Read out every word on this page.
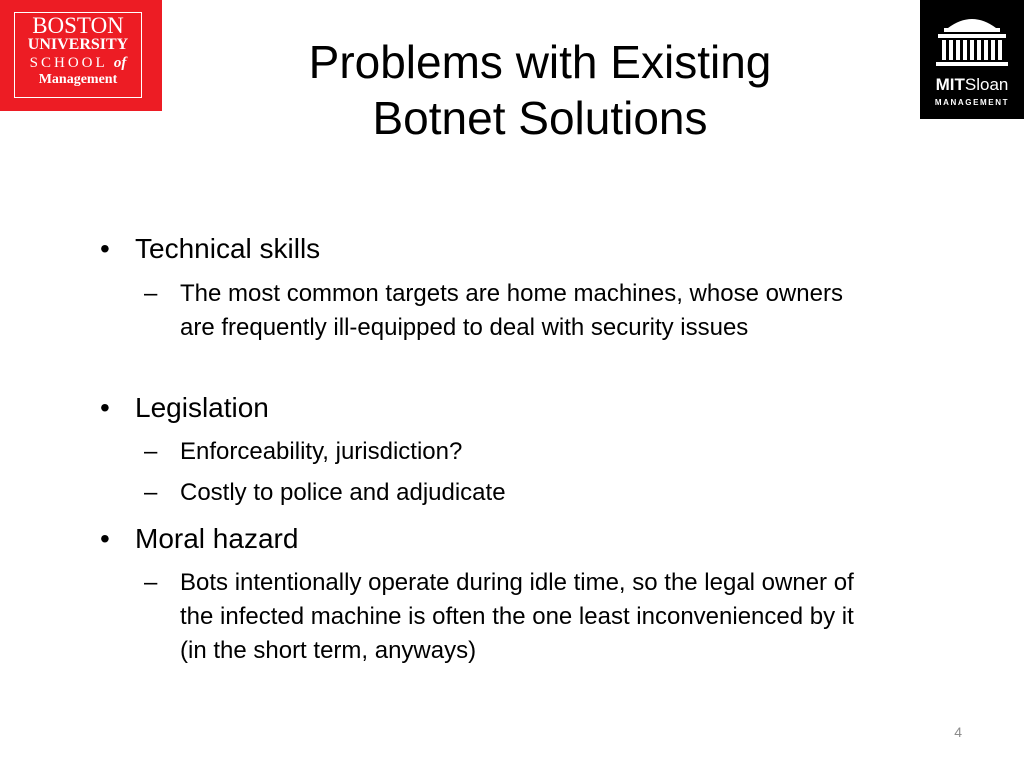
BOSTON
UNIVERSITY
SCHOOL of
Management	MITSloan
MANAGEMENT
Problems with Existing
Botnet Solutions
• Technical skills
– The most common targets are home machines, whose owners are frequently ill-equipped to deal with security issues
• Legislation
– Enforceability, jurisdiction?
– Costly to police and adjudicate
• Moral hazard
– Bots intentionally operate during idle time, so the legal owner of the infected machine is often the one least inconvenienced by it (in the short term, anyways)
4
